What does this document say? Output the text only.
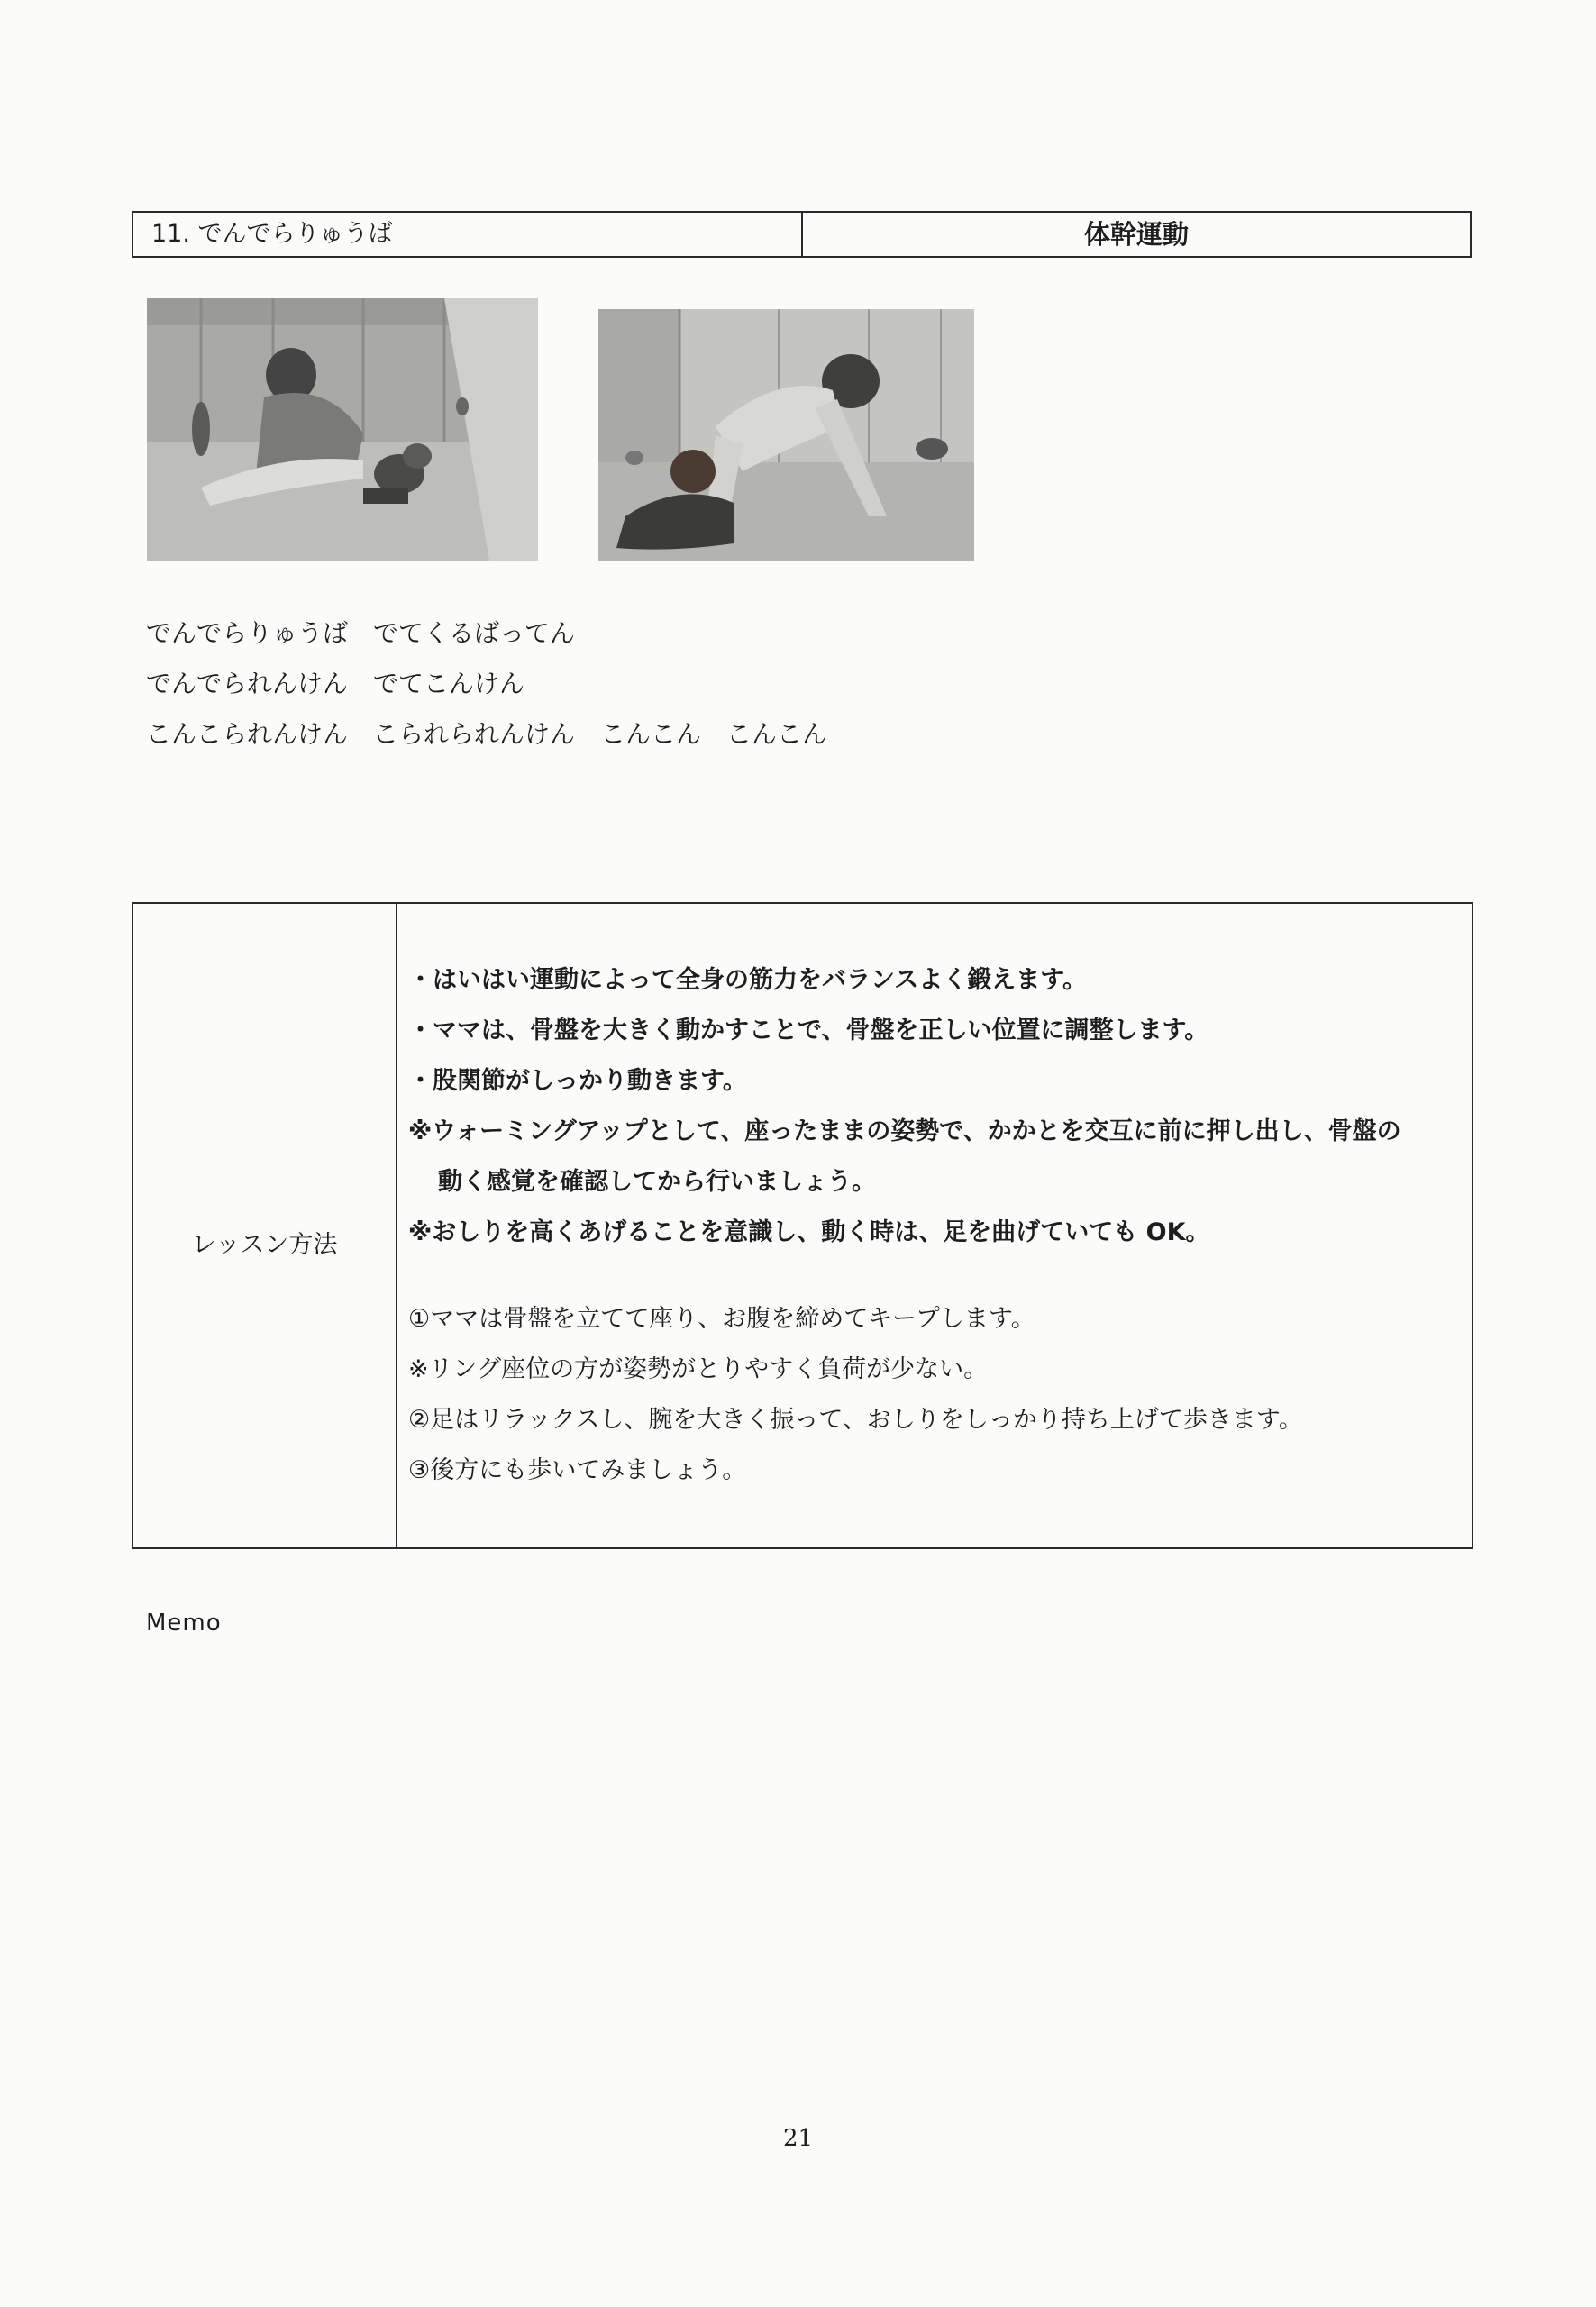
11. でんでらりゅうば	体幹運動
でんでらりゅうば　でてくるばってん
でんでられんけん　でてこんけん
こんこられんけん　こられられんけん　こんこん　こんこん
レッスン方法
・はいはい運動によって全身の筋力をバランスよく鍛えます。
・ママは、骨盤を大きく動かすことで、骨盤を正しい位置に調整します。
・股関節がしっかり動きます。
※ウォーミングアップとして、座ったままの姿勢で、かかとを交互に前に押し出し、骨盤の
動く感覚を確認してから行いましょう。
※おしりを高くあげることを意識し、動く時は、足を曲げていても OK。
①ママは骨盤を立てて座り、お腹を締めてキープします。
※リング座位の方が姿勢がとりやすく負荷が少ない。
②足はリラックスし、腕を大きく振って、おしりをしっかり持ち上げて歩きます。
③後方にも歩いてみましょう。
Memo
21
